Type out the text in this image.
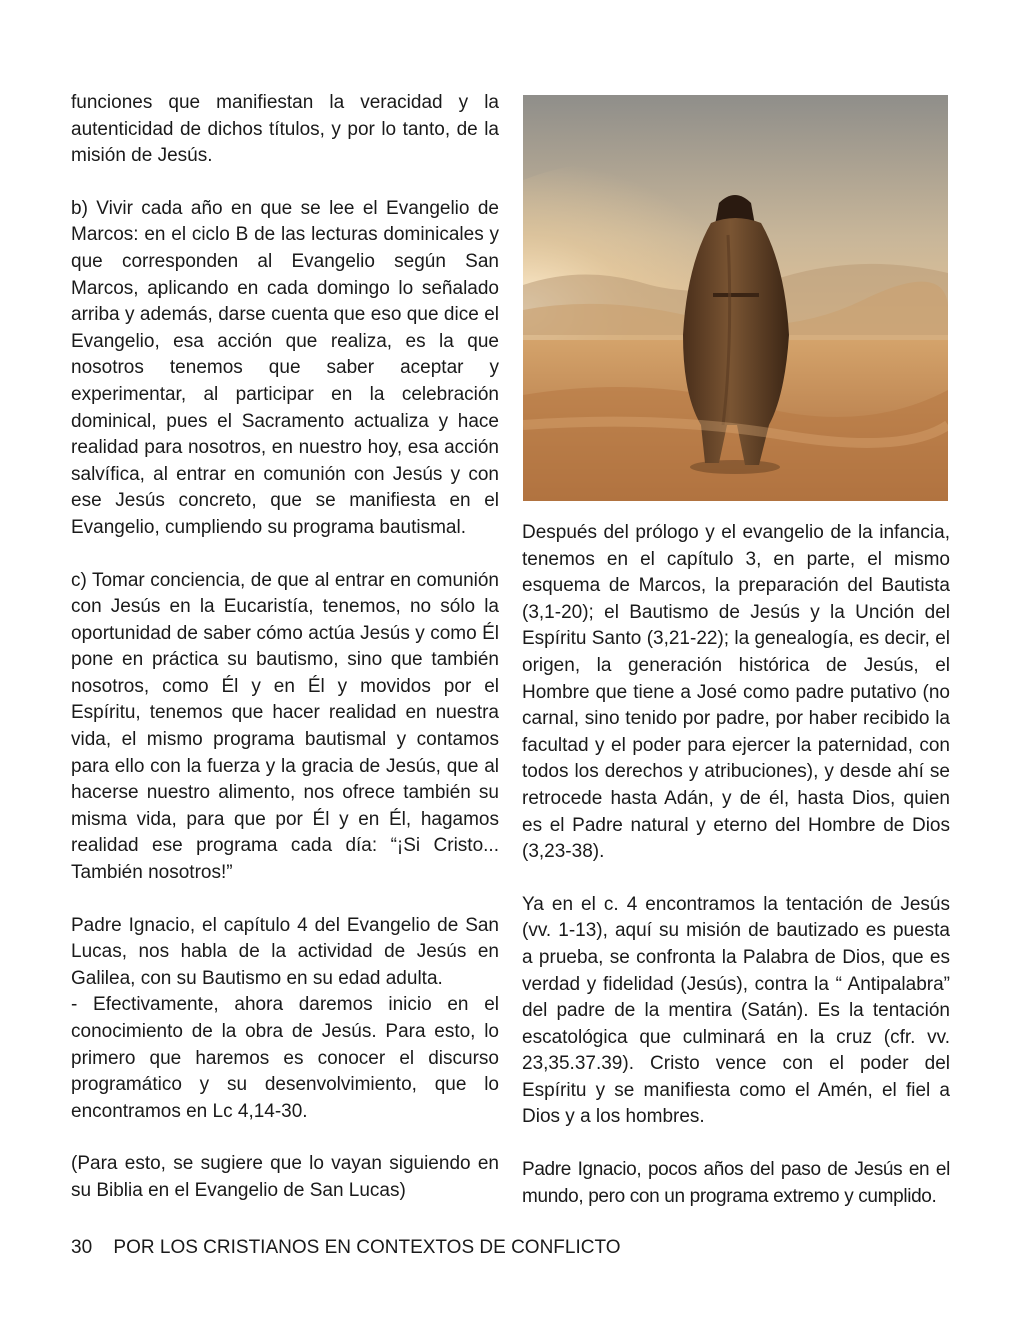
funciones que manifiestan la veracidad y la autenticidad de dichos títulos, y por lo tanto, de la misión de Jesús.

b) Vivir cada año en que se lee el Evangelio de Marcos: en el ciclo B de las lecturas dominicales y que corresponden al Evangelio según San Marcos, aplicando en cada domingo lo señalado arriba y además, darse cuenta que eso que dice el Evangelio, esa acción que realiza, es la que nosotros tenemos que saber aceptar y experimentar, al participar en la celebración dominical, pues el Sacramento actualiza y hace realidad para nosotros, en nuestro hoy, esa acción salvífica, al entrar en comunión con Jesús y con ese Jesús concreto, que se manifiesta en el Evangelio, cumpliendo su programa bautismal.

c) Tomar conciencia, de que al entrar en comunión con Jesús en la Eucaristía, tenemos, no sólo la oportunidad de saber cómo actúa Jesús y como Él pone en práctica su bautismo, sino que también nosotros, como Él y en Él y movidos por el Espíritu, tenemos que hacer realidad en nuestra vida, el mismo programa bautismal y contamos para ello con la fuerza y la gracia de Jesús, que al hacerse nuestro alimento, nos ofrece también su misma vida, para que por Él y en Él, hagamos realidad ese programa cada día: “¡Si Cristo... También nosotros!”

Padre Ignacio, el capítulo 4 del Evangelio de San Lucas, nos habla de la actividad de Jesús en Galilea, con su Bautismo en su edad adulta.

- Efectivamente, ahora daremos inicio en el conocimiento de la obra de Jesús. Para esto, lo primero que haremos es conocer el discurso programático y su desenvolvimiento, que lo encontramos en Lc 4,14-30.

(Para esto, se sugiere que lo vayan siguiendo en su Biblia en el Evangelio de San Lucas)

Después del prólogo y el evangelio de la infancia, tenemos en el capítulo 3, en parte, el mismo esquema de Marcos, la preparación del Bautista (3,1-20); el Bautismo de Jesús y la Unción del Espíritu Santo (3,21-22); la genealogía, es decir, el origen, la generación histórica de Jesús, el Hombre que tiene a José como padre putativo (no carnal, sino tenido por padre, por haber recibido la facultad y el poder para ejercer la paternidad, con todos los derechos y atribuciones), y desde ahí se retrocede hasta Adán, y de él, hasta Dios, quien es el Padre natural y eterno del Hombre de Dios (3,23-38).

Ya en el c. 4 encontramos la tentación de Jesús (vv. 1-13), aquí su misión de bautizado es puesta a prueba, se confronta la Palabra de Dios, que es verdad y fidelidad (Jesús), contra la “ Antipalabra” del padre de la mentira (Satán). Es la tentación escatológica que culminará en la cruz (cfr. vv. 23,35.37.39). Cristo vence con el poder del Espíritu y se manifiesta como el Amén, el fiel a Dios y a los hombres.

Padre Ignacio, pocos años del paso de Jesús en el mundo, pero con un programa extremo y cumplido.

30 POR LOS CRISTIANOS EN CONTEXTOS DE CONFLICTO
